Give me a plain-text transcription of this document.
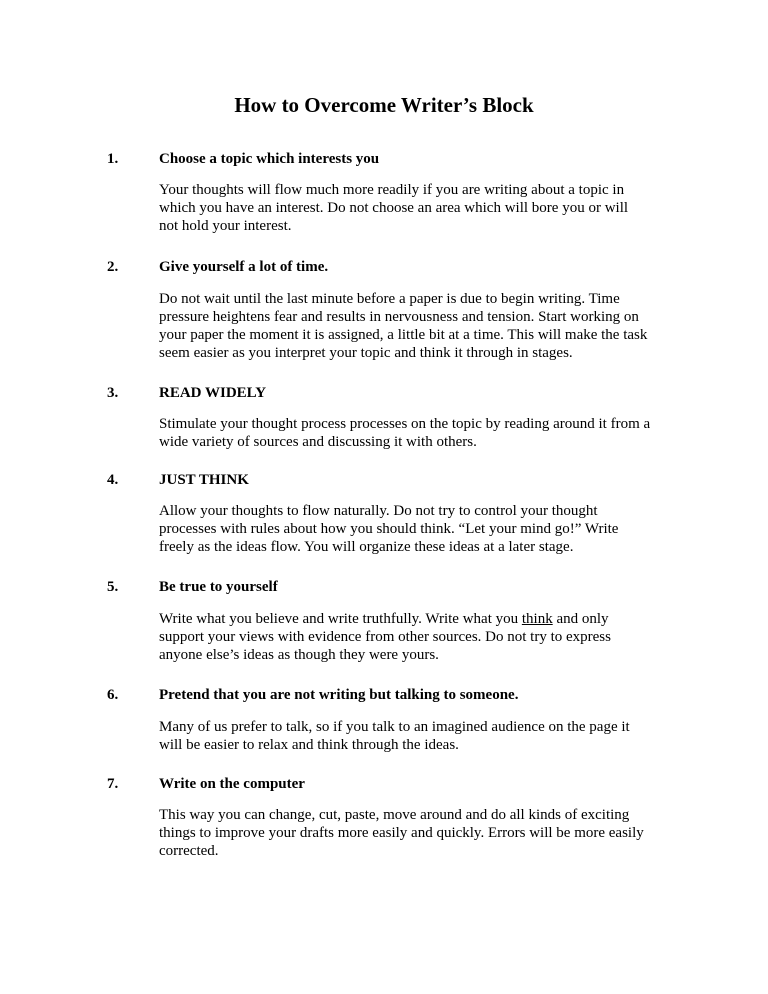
How to Overcome Writer’s Block
1.	Choose a topic which interests you

Your thoughts will flow much more readily if you are writing about a topic in
which you have an interest. Do not choose an area which will bore you or will
not hold your interest.

2.	Give yourself a lot of time.

Do not wait until the last minute before a paper is due to begin writing. Time
pressure heightens fear and results in nervousness and tension. Start working on
your paper the moment it is assigned, a little bit at a time. This will make the task
seem easier as you interpret your topic and think it through in stages.

3.	READ WIDELY

Stimulate your thought process processes on the topic by reading around it from a
wide variety of sources and discussing it with others.

4.	JUST THINK

Allow your thoughts to flow naturally. Do not try to control your thought
processes with rules about how you should think. “Let your mind go!” Write
freely as the ideas flow. You will organize these ideas at a later stage.

5.	Be true to yourself

Write what you believe and write truthfully. Write what you think and only
support your views with evidence from other sources. Do not try to express
anyone else’s ideas as though they were yours.

6.	Pretend that you are not writing but talking to someone.

Many of us prefer to talk, so if you talk to an imagined audience on the page it
will be easier to relax and think through the ideas.

7.	Write on the computer

This way you can change, cut, paste, move around and do all kinds of exciting
things to improve your drafts more easily and quickly. Errors will be more easily
corrected.
